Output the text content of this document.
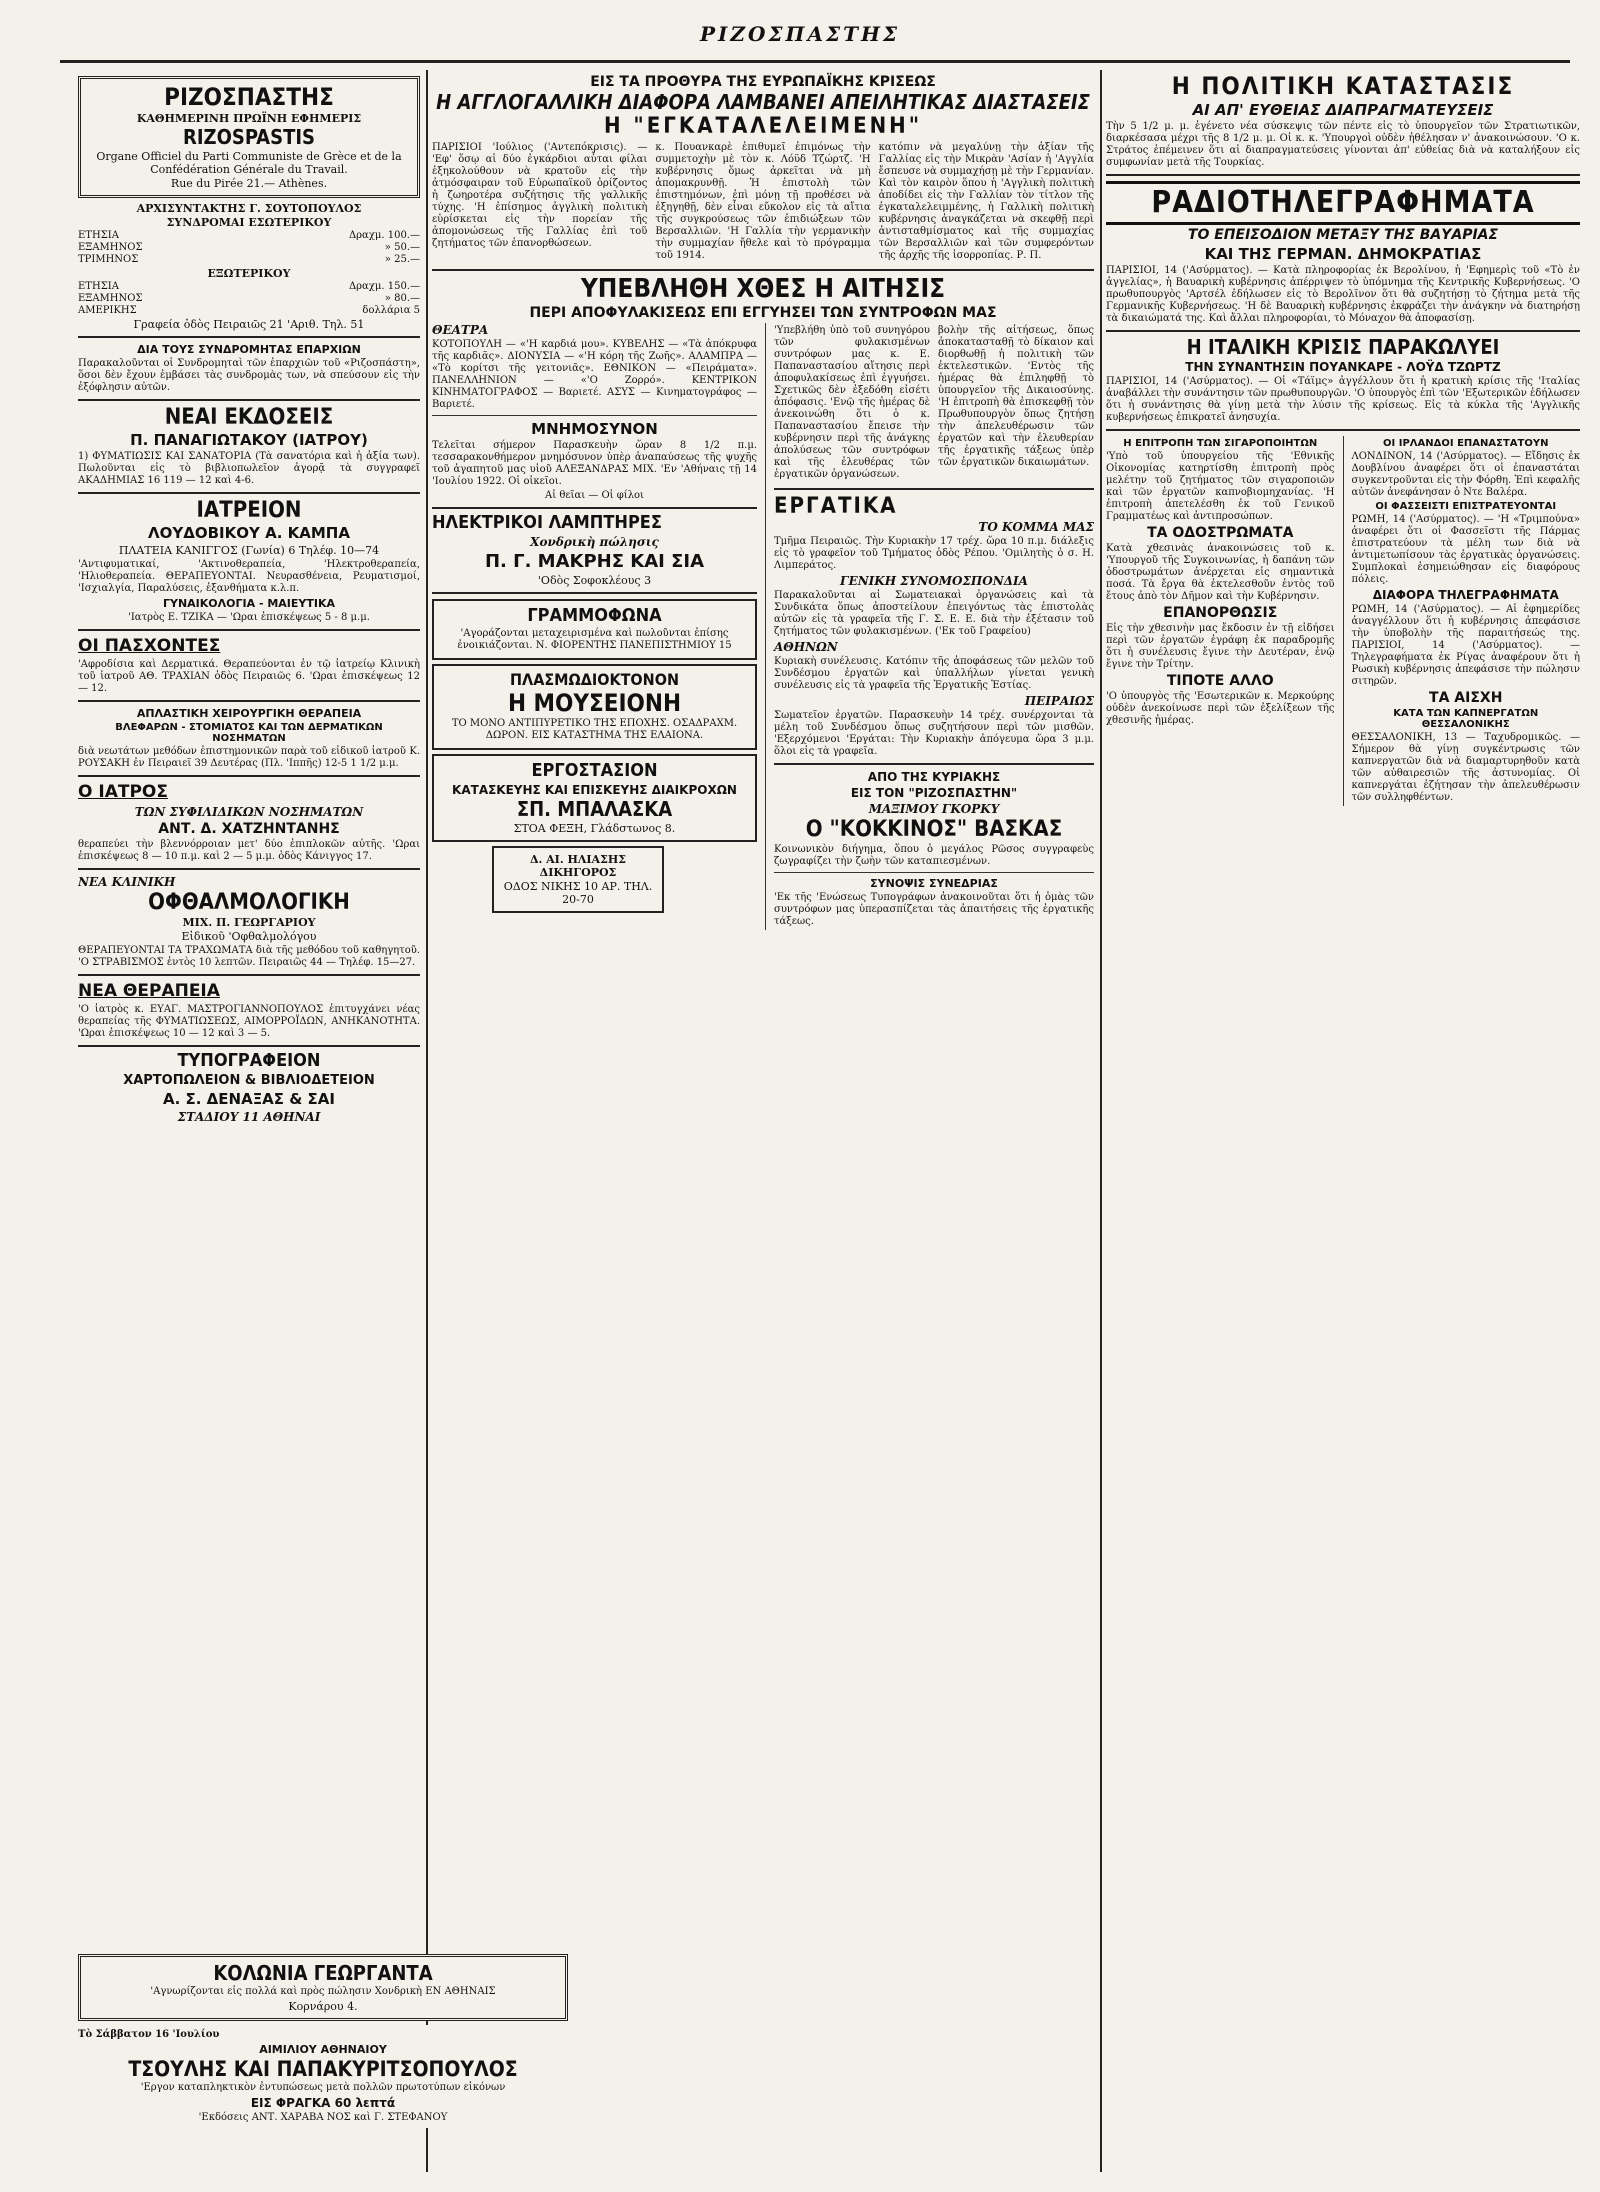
ΡΙΖΟΣΠΑΣΤΗΣ
ΡΙΖΟΣΠΑΣΤΗΣ
ΚΑΘΗΜΕΡΙΝΗ ΠΡΩΪΝΗ ΕΦΗΜΕΡΙΣ
RIZOSPASTIS
Organe Officiel du Parti Communiste de Grèce et de la Confédération Générale du Travail.
Rue du Pirée 21.— Athènes.
ΑΡΧΙΣΥΝΤΑΚΤΗΣ Γ. ΣΟΥΤΟΠΟΥΛΟΣ
ΣΥΝΔΡΟΜΑΙ ΕΣΩΤΕΡΙΚΟΥ
ΕΤΗΣΙΑ	Δραχμ. 100.—
ΕΞΑΜΗΝΟΣ	» 50.—
ΤΡΙΜΗΝΟΣ	» 25.—
ΕΞΩΤΕΡΙΚΟΥ
ΕΤΗΣΙΑ	Δραχμ. 150.—
ΕΞΑΜΗΝΟΣ	» 80.—
ΑΜΕΡΙΚΗΣ	δολλάρια 5
Γραφεία ὁδὸς Πειραιῶς 21 'Αριθ. Τηλ. 51
ΔΙΑ ΤΟΥΣ ΣΥΝΔΡΟΜΗΤΑΣ ΕΠΑΡΧΙΩΝ
Παρακαλοῦνται οἱ Συνδρομηταὶ τῶν ἐπαρχιῶν τοῦ «Ριζοσπάστη», ὅσοι δὲν ἔχουν ἐμβάσει τὰς συνδρομὰς των, νὰ σπεύσουν εἰς τὴν ἐξόφλησιν αὐτῶν.
ΝΕΑΙ ΕΚΔΟΣΕΙΣ
Π. ΠΑΝΑΓΙΩΤΑΚΟΥ (ΙΑΤΡΟΥ)
1) ΦΥΜΑΤΙΩΣΙΣ ΚΑΙ ΣΑΝΑΤΟΡΙΑ (Τὰ σανατόρια καὶ ἡ ἀξία των). Πωλοῦνται εἰς τὸ βιβλιοπωλεῖον ἀγορᾷ τὰ συγγραφεῖ ΑΚΑΔΗΜΙΑΣ 16 119 — 12 καὶ 4-6.
ΙΑΤΡΕΙΟΝ
ΛΟΥΔΟΒΙΚΟΥ Α. ΚΑΜΠΑ
ΠΛΑΤΕΙΑ ΚΑΝΙΓΓΟΣ (Γωνία) 6 Τηλέφ. 10—74
'Αντιφυματικαί, 'Ακτινοθεραπεία, 'Ηλεκτροθεραπεία, 'Ηλιοθεραπεία. ΘΕΡΑΠΕΥΟΝΤΑΙ. Νευρασθένεια, Ρευματισμοί, 'Ισχιαλγία, Παραλύσεις, ἐξανθήματα κ.λ.π.
ΓΥΝΑΙΚΟΛΟΓΙΑ - ΜΑΙΕΥΤΙΚΑ
'Ιατρὸς Ε. ΤΖΙΚΑ — 'Ωραι ἐπισκέψεως 5 - 8 μ.μ.
ΟΙ ΠΑΣΧΟΝΤΕΣ
'Αφροδίσια καὶ Δερματικά. Θεραπεύονται ἐν τῷ ἰατρείῳ Κλινικὴ τοῦ ἰατροῦ ΑΘ. ΤΡΑΧΙΑΝ ὁδὸς Πειραιῶς 6. 'Ωραι ἐπισκέψεως 12 — 12.
ΑΠΛΑΣΤΙΚΗ ΧΕΙΡΟΥΡΓΙΚΗ ΘΕΡΑΠΕΙΑ
ΒΛΕΦΑΡΩΝ - ΣΤΟΜΙΑΤΟΣ ΚΑΙ ΤΩΝ ΔΕΡΜΑΤΙΚΩΝ ΝΟΣΗΜΑΤΩΝ
διὰ νεωτάτων μεθόδων ἐπιστημονικῶν παρὰ τοῦ εἰδικοῦ ἰατροῦ Κ. ΡΟΥΣΑΚΗ ἐν Πειραιεῖ 39 Δευτέρας (Πλ. 'Ιππῆς) 12-5 1 1/2 μ.μ.
Ο ΙΑΤΡΟΣ
ΤΩΝ ΣΥΦΙΛΙΔΙΚΩΝ ΝΟΣΗΜΑΤΩΝ
ΑΝΤ. Δ. ΧΑΤΖΗΝΤΑΝΗΣ
θεραπεύει τὴν βλεννόρροιαν μετ' δύο ἐπιπλοκῶν αὐτῆς. 'Ωραι ἐπισκέψεως 8 — 10 π.μ. καὶ 2 — 5 μ.μ. ὁδὸς Κάνιγγος 17.
ΝΕΑ ΚΛΙΝΙΚΗ
ΟΦΘΑΛΜΟΛΟΓΙΚΗ
ΜΙΧ. Π. ΓΕΩΡΓΑΡΙΟΥ
Εἰδικοῦ 'Οφθαλμολόγου
ΘΕΡΑΠΕΥΟΝΤΑΙ ΤΑ ΤΡΑΧΩΜΑΤΑ διὰ τῆς μεθόδου τοῦ καθηγητοῦ. 'Ο ΣΤΡΑΒΙΣΜΟΣ ἐντὸς 10 λεπτῶν. Πειραιῶς 44 — Τηλέφ. 15—27.
ΝΕΑ ΘΕΡΑΠΕΙΑ
'Ο ἰατρὸς κ. ΕΥΑΓ. ΜΑΣΤΡΟΓΙΑΝΝΟΠΟΥΛΟΣ ἐπιτυγχάνει νέας θεραπείας τῆς ΦΥΜΑΤΙΩΣΕΩΣ, ΑΙΜΟΡΡΟΪΔΩΝ, ΑΝΗΚΑΝΟΤΗΤΑ. 'Ωραι ἐπισκέψεως 10 — 12 καὶ 3 — 5.
ΤΥΠΟΓΡΑΦΕΙΟΝ
ΧΑΡΤΟΠΩΛΕΙΟΝ & ΒΙΒΛΙΟΔΕΤΕΙΟΝ
Α. Σ. ΔΕΝΑΞΑΣ & ΣΑΙ
ΣΤΑΔΙΟΥ 11 ΑΘΗΝΑΙ
ΕΙΣ ΤΑ ΠΡΟΘΥΡΑ ΤΗΣ ΕΥΡΩΠΑΪΚΗΣ ΚΡΙΣΕΩΣ
Η ΑΓΓΛΟΓΑΛΛΙΚΗ ΔΙΑΦΟΡΑ ΛΑΜΒΑΝΕΙ ΑΠΕΙΛΗΤΙΚΑΣ ΔΙΑΣΤΑΣΕΙΣ
Η "ΕΓΚΑΤΑΛΕΛΕΙΜΕΝΗ"
ΠΑΡΙΣΙΟΙ 'Ιούλιος ('Αντεπόκρισις). — 'Εφ' ὅσῳ αἱ δύο ἐγκάρδιοι αὗται φίλαι ἐξηκολούθουν νὰ κρατοῦν εἰς τὴν ἀτμόσφαιραν τοῦ Εὐρωπαϊκοῦ ὁρίζοντος ἡ ζωηροτέρα συζήτησις τῆς γαλλικῆς τύχης. 'Η ἐπίσημος ἀγγλικὴ πολιτικὴ εὑρίσκεται εἰς τὴν πορείαν τῆς ἀπομονώσεως τῆς Γαλλίας ἐπὶ τοῦ ζητήματος τῶν ἐπανορθώσεων.
κ. Πουανκαρὲ ἐπιθυμεῖ ἐπιμόνως τὴν συμμετοχὴν μὲ τὸν κ. Λόϋδ Τζώρτζ. 'Η κυβέρνησις ὅμως ἀρκεῖται νὰ μὴ ἀπομακρυνθῇ. Ἡ ἐπιστολὴ τῶν ἐπιστημόνων, ἐπὶ μόνῃ τῇ προθέσει νὰ ἐξηγηθῇ, δὲν εἶναι εὔκολον εἰς τὰ αἴτια τῆς συγκρούσεως τῶν ἐπιδιώξεων τῶν Βερσαλλιῶν. 'Η Γαλλία τὴν γερμανικὴν τὴν συμμαχίαν ἤθελε καὶ τὸ πρόγραμμα τοῦ 1914.
κατόπιν νὰ μεγαλύνῃ τὴν ἀξίαν τῆς Γαλλίας εἰς τὴν Μικρὰν 'Ασίαν ἡ 'Αγγλία ἔσπευσε νὰ συμμαχήσῃ μὲ τὴν Γερμανίαν. Καὶ τὸν καιρὸν ὅπου ἡ 'Αγγλικὴ πολιτικὴ ἀποδίδει εἰς τὴν Γαλλίαν τὸν τίτλον τῆς ἐγκαταλελειμμένης, ἡ Γαλλικὴ πολιτικὴ κυβέρνησις ἀναγκάζεται νὰ σκεφθῇ περὶ ἀντισταθμίσματος καὶ τῆς συμμαχίας τῶν Βερσαλλιῶν καὶ τῶν συμφερόντων τῆς ἀρχῆς τῆς ἰσορροπίας. Ρ. Π.
ΥΠΕΒΛΗΘΗ ΧΘΕΣ Η ΑΙΤΗΣΙΣ
ΠΕΡΙ ΑΠΟΦΥΛΑΚΙΣΕΩΣ ΕΠΙ ΕΓΓΥΗΣΕΙ ΤΩΝ ΣΥΝΤΡΟΦΩΝ ΜΑΣ
ΘΕΑΤΡΑ
ΚΟΤΟΠΟΥΛΗ — «'Η καρδιά μου». ΚΥΒΕΛΗΣ — «Τὰ ἀπόκρυφα τῆς καρδιᾶς». ΔΙΟΝΥΣΙΑ — «'Η κόρη τῆς Ζωῆς». ΑΛΑΜΠΡΑ — «Τὸ κορίτσι τῆς γειτονιᾶς». ΕΘΝΙΚΟΝ — «Πειράματα». ΠΑΝΕΛΛΗΝΙΟΝ — «'Ο Ζορρό». ΚΕΝΤΡΙΚΟΝ ΚΙΝΗΜΑΤΟΓΡΑΦΟΣ — Βαριετέ. ΑΣΥΣ — Κινηματογράφος — Βαριετέ.
ΜΝΗΜΟΣΥΝΟΝ
Τελεῖται σήμερον Παρασκευὴν ὥραν 8 1/2 π.μ. τεσσαρακονθήμερον μνημόσυνον ὑπὲρ ἀναπαύσεως τῆς ψυχῆς τοῦ ἀγαπητοῦ μας υἱοῦ ΑΛΕΞΑΝΔΡΑΣ ΜΙΧ. 'Εν 'Αθήναις τῇ 14 'Ιουλίου 1922. Οἱ οἰκεῖοι.
Αἱ θεῖαι — Οἱ φίλοι
ΗΛΕΚΤΡΙΚΟΙ ΛΑΜΠΤΗΡΕΣ
Χονδρικὴ πώλησις
Π. Γ. ΜΑΚΡΗΣ ΚΑΙ ΣΙΑ
'Οδὸς Σοφοκλέους 3
ΓΡΑΜΜΟΦΩΝΑ
'Αγοράζονται μεταχειρισμένα καὶ πωλοῦνται ἐπίσης ἐνοικιάζονται. Ν. ΦΙΟΡΕΝΤΗΣ ΠΑΝΕΠΙΣΤΗΜΙΟΥ 15
ΠΛΑΣΜΩΔΙΟΚΤΟΝΟΝ
Η ΜΟΥΣΕΙΟΝΗ
ΤΟ ΜΟΝΟ ΑΝΤΙΠΥΡΕΤΙΚΟ ΤΗΣ ΕΠΟΧΗΣ. ΟΣΑΔΡΑΧΜ. ΔΩΡΟΝ. ΕΙΣ ΚΑΤΑΣΤΗΜΑ ΤΗΣ ΕΛΑΙΟΝΑ.
ΕΡΓΟΣΤΑΣΙΟΝ
ΚΑΤΑΣΚΕΥΗΣ ΚΑΙ ΕΠΙΣΚΕΥΗΣ ΔΙΑΙΚΡΟΧΩΝ
ΣΠ. ΜΠΑΛΑΣΚΑ
ΣΤΟΑ ΦΕΞΗ, Γλάδστωνος 8.
Δ. ΑΙ. ΗΛΙΑΣΗΣ ΔΙΚΗΓΟΡΟΣ
ΟΔΟΣ ΝΙΚΗΣ 10 ΑΡ. ΤΗΛ. 20-70
'Υπεβλήθη ὑπὸ τοῦ συνηγόρου τῶν φυλακισμένων συντρόφων μας κ. Ε. Παπαναστασίου αἴτησις περὶ ἀποφυλακίσεως ἐπὶ ἐγγυήσει. Σχετικῶς δὲν ἐξεδόθη εἰσέτι ἀπόφασις. 'Ενῷ τῆς ἡμέρας δὲ ἀνεκοινώθη ὅτι ὁ κ. Παπαναστασίου ἔπεισε τὴν κυβέρνησιν περὶ τῆς ἀνάγκης ἀπολύσεως τῶν συντρόφων καὶ τῆς ἐλευθέρας τῶν ἐργατικῶν ὀργανώσεων.
βολὴν τῆς αἰτήσεως, ὅπως ἀποκατασταθῇ τὸ δίκαιον καὶ διορθωθῇ ἡ πολιτικὴ τῶν ἐκτελεστικῶν. 'Εντὸς τῆς ἡμέρας θὰ ἐπιληφθῇ τὸ ὑπουργεῖον τῆς Δικαιοσύνης. 'Η ἐπιτροπὴ θὰ ἐπισκεφθῇ τὸν Πρωθυπουργὸν ὅπως ζητήσῃ τὴν ἀπελευθέρωσιν τῶν ἐργατῶν καὶ τὴν ἐλευθερίαν τῆς ἐργατικῆς τάξεως ὑπὲρ τῶν ἐργατικῶν δικαιωμάτων.
ΕΡΓΑΤΙΚΑ
ΤΟ ΚΟΜΜΑ ΜΑΣ
Τμῆμα Πειραιῶς. Τὴν Κυριακὴν 17 τρέχ. ὥρα 10 π.μ. διάλεξις εἰς τὸ γραφεῖον τοῦ Τμήματος ὁδὸς Ρέπου. 'Ομιλητὴς ὁ σ. Η. Λιμπεράτος.
ΓΕΝΙΚΗ ΣΥΝΟΜΟΣΠΟΝΔΙΑ
Παρακαλοῦνται αἱ Σωματειακαὶ ὀργανώσεις καὶ τὰ Συνδικάτα ὅπως ἀποστείλουν ἐπειγόντως τὰς ἐπιστολὰς αὐτῶν εἰς τὰ γραφεῖα τῆς Γ. Σ. Ε. Ε. διὰ τὴν ἐξέτασιν τοῦ ζητήματος τῶν φυλακισμένων. ('Εκ τοῦ Γραφείου)
ΑΘΗΝΩΝ
Κυριακὴ συνέλευσις. Κατόπιν τῆς ἀποφάσεως τῶν μελῶν τοῦ Συνδέσμου ἐργατῶν καὶ ὑπαλλήλων γίνεται γενικὴ συνέλευσις εἰς τὰ γραφεῖα τῆς Ἐργατικῆς Ἑστίας.
ΠΕΙΡΑΙΩΣ
Σωματεῖον ἐργατῶν. Παρασκευὴν 14 τρέχ. συνέρχονται τὰ μέλη τοῦ Συνδέσμου ὅπως συζητήσουν περὶ τῶν μισθῶν. 'Εξερχόμενοι 'Εργάται: Τὴν Κυριακὴν ἀπόγευμα ὥρα 3 μ.μ. ὅλοι εἰς τὰ γραφεῖα.
ΑΠΟ ΤΗΣ ΚΥΡΙΑΚΗΣ
ΕΙΣ ΤΟΝ "ΡΙΖΟΣΠΑΣΤΗΝ"
ΜΑΞΙΜΟΥ ΓΚΟΡΚΥ
Ο "ΚΟΚΚΙΝΟΣ" ΒΑΣΚΑΣ
Κοινωνικὸν διήγημα, ὅπου ὁ μεγάλος Ρῶσος συγγραφεὺς ζωγραφίζει τὴν ζωὴν τῶν καταπιεσμένων.
ΣΥΝΟΨΙΣ ΣΥΝΕΔΡΙΑΣ
'Εκ τῆς 'Ενώσεως Τυπογράφων ἀνακοινοῦται ὅτι ἡ ὁμὰς τῶν συντρόφων μας ὑπερασπίζεται τὰς ἀπαιτήσεις τῆς ἐργατικῆς τάξεως.
Η ΠΟΛΙΤΙΚΗ ΚΑΤΑΣΤΑΣΙΣ
ΑΙ ΑΠ' ΕΥΘΕΙΑΣ ΔΙΑΠΡΑΓΜΑΤΕΥΣΕΙΣ
Τὴν 5 1/2 μ. μ. ἐγένετο νέα σύσκεψις τῶν πέντε εἰς τὸ ὑπουργεῖον τῶν Στρατιωτικῶν, διαρκέσασα μέχρι τῆς 8 1/2 μ. μ. Οἱ κ. κ. 'Υπουργοὶ οὐδὲν ἠθέλησαν ν' ἀνακοινώσουν. 'Ο κ. Στράτος ἐπέμεινεν ὅτι αἱ διαπραγματεύσεις γίνονται ἀπ' εὐθείας διὰ νὰ καταλήξουν εἰς συμφωνίαν μετὰ τῆς Τουρκίας.
ΡΑΔΙΟΤΗΛΕΓΡΑΦΗΜΑΤΑ
ΤΟ ΕΠΕΙΣΟΔΙΟΝ ΜΕΤΑΞΥ ΤΗΣ ΒΑΥΑΡΙΑΣ
ΚΑΙ ΤΗΣ ΓΕΡΜΑΝ. ΔΗΜΟΚΡΑΤΙΑΣ
ΠΑΡΙΣΙΟΙ, 14 ('Ασύρματος). — Κατὰ πληροφορίας ἐκ Βερολίνου, ἡ 'Εφημερὶς τοῦ «Τὸ ἐν ἀγγελίας», ἡ Βαυαρικὴ κυβέρνησις ἀπέρριψεν τὸ ὑπόμνημα τῆς Κεντρικῆς Κυβερνήσεως. 'Ο πρωθυπουργὸς 'Αρτσέλ ἐδήλωσεν εἰς τὸ Βερολῖνον ὅτι θὰ συζητήσῃ τὸ ζήτημα μετὰ τῆς Γερμανικῆς Κυβερνήσεως. 'Η δὲ Βαυαρικὴ κυβέρνησις ἐκφράζει τὴν ἀνάγκην νὰ διατηρήσῃ τὰ δικαιώματά της. Καὶ ἄλλαι πληροφορίαι, τὸ Μόναχον θὰ ἀποφασίσῃ.
Η ΙΤΑΛΙΚΗ ΚΡΙΣΙΣ ΠΑΡΑΚΩΛΥΕΙ
ΤΗΝ ΣΥΝΑΝΤΗΣΙΝ ΠΟΥΑΝΚΑΡΕ - ΛΟΫΔ ΤΖΩΡΤΖ
ΠΑΡΙΣΙΟΙ, 14 ('Ασύρματος). — Οἱ «Τάϊμς» ἀγγέλλουν ὅτι ἡ κρατικὴ κρίσις τῆς 'Ιταλίας ἀναβάλλει τὴν συνάντησιν τῶν πρωθυπουργῶν. 'Ο ὑπουργὸς ἐπὶ τῶν 'Εξωτερικῶν ἐδήλωσεν ὅτι ἡ συνάντησις θὰ γίνῃ μετὰ τὴν λύσιν τῆς κρίσεως. Εἰς τὰ κύκλα τῆς 'Αγγλικῆς κυβερνήσεως ἐπικρατεῖ ἀνησυχία.
Η ΕΠΙΤΡΟΠΗ ΤΩΝ ΣΙΓΑΡΟΠΟΙΗΤΩΝ
'Υπὸ τοῦ ὑπουργείου τῆς 'Εθνικῆς Οἰκονομίας κατηρτίσθη ἐπιτροπὴ πρὸς μελέτην τοῦ ζητήματος τῶν σιγαροποιῶν καὶ τῶν ἐργατῶν καπνοβιομηχανίας. 'Η ἐπιτροπὴ ἀπετελέσθη ἐκ τοῦ Γενικοῦ Γραμματέως καὶ ἀντιπροσώπων.
ΤΑ ΟΔΟΣΤΡΩΜΑΤΑ
Κατὰ χθεσινὰς ἀνακοινώσεις τοῦ κ. 'Υπουργοῦ τῆς Συγκοινωνίας, ἡ δαπάνη τῶν ὁδοστρωμάτων ἀνέρχεται εἰς σημαντικὰ ποσά. Τὰ ἔργα θὰ ἐκτελεσθοῦν ἐντὸς τοῦ ἔτους ἀπὸ τὸν Δῆμον καὶ τὴν Κυβέρνησιν.
ΕΠΑΝΟΡΘΩΣΙΣ
Εἰς τὴν χθεσινὴν μας ἔκδοσιν ἐν τῇ εἰδήσει περὶ τῶν ἐργατῶν ἐγράφη ἐκ παραδρομῆς ὅτι ἡ συνέλευσις ἔγινε τὴν Δευτέραν, ἐνῷ ἔγινε τὴν Τρίτην.
ΤΙΠΟΤΕ ΑΛΛΟ
'Ο ὑπουργὸς τῆς 'Εσωτερικῶν κ. Μερκούρης οὐδὲν ἀνεκοίνωσε περὶ τῶν ἐξελίξεων τῆς χθεσινῆς ἡμέρας.
ΟΙ ΙΡΛΑΝΔΟΙ ΕΠΑΝΑΣΤΑΤΟΥΝ
ΛΟΝΔΙΝΟΝ, 14 ('Ασύρματος). — Εἴδησις ἐκ Δουβλίνου ἀναφέρει ὅτι οἱ ἐπαναστάται συγκεντροῦνται εἰς τὴν Φόρθη. Ἐπὶ κεφαλῆς αὐτῶν ἀνεφάνησαν ὁ Ντε Βαλέρα.
ΟΙ ΦΑΣΣΕΙΣΤΙ ΕΠΙΣΤΡΑΤΕΥΟΝΤΑΙ
ΡΩΜΗ, 14 ('Ασύρματος). — 'Η «Τριμπούνα» ἀναφέρει ὅτι οἱ Φασσεῖστι τῆς Πάρμας ἐπιστρατεύουν τὰ μέλη των διὰ νὰ ἀντιμετωπίσουν τὰς ἐργατικὰς ὀργανώσεις. Συμπλοκαὶ ἐσημειώθησαν εἰς διαφόρους πόλεις.
ΔΙΑΦΟΡΑ ΤΗΛΕΓΡΑΦΗΜΑΤΑ
ΡΩΜΗ, 14 ('Ασύρματος). — Αἱ ἐφημερίδες ἀναγγέλλουν ὅτι ἡ κυβέρνησις ἀπεφάσισε τὴν ὑποβολὴν τῆς παραιτήσεώς της. ΠΑΡΙΣΙΟΙ, 14 ('Ασύρματος). — Τηλεγραφήματα ἐκ Ρίγας ἀναφέρουν ὅτι ἡ Ρωσικὴ κυβέρνησις ἀπεφάσισε τὴν πώλησιν σιτηρῶν.
ΤΑ ΑΙΣΧΗ
ΚΑΤΑ ΤΩΝ ΚΑΠΝΕΡΓΑΤΩΝ ΘΕΣΣΑΛΟΝΙΚΗΣ
ΘΕΣΣΑΛΟΝΙΚΗ, 13 — Ταχυδρομικῶς. — Σήμερον θὰ γίνῃ συγκέντρωσις τῶν καπνεργατῶν διὰ νὰ διαμαρτυρηθοῦν κατὰ τῶν αὐθαιρεσιῶν τῆς ἀστυνομίας. Οἱ καπνεργάται ἐζήτησαν τὴν ἀπελευθέρωσιν τῶν συλληφθέντων.
ΚΟΛΩΝΙΑ ΓΕΩΡΓΑΝΤΑ
'Αγνωρίζονται εἰς πολλά καὶ πρὸς πώλησιν Χονδρικὴ ΕΝ ΑΘΗΝΑΙΣ
Κορνάρου 4.
Τὸ Σάββατον 16 'Ιουλίου
ΑΙΜΙΛΙΟΥ ΑΘΗΝΑΙΟΥ
ΤΣΟΥΛΗΣ ΚΑΙ ΠΑΠΑΚΥΡΙΤΣΟΠΟΥΛΟΣ
'Εργον καταπληκτικὸν ἐντυπώσεως μετὰ πολλῶν πρωτοτύπων εἰκόνων
ΕΙΣ ΦΡΑΓΚΑ 60 λεπτά
'Εκδόσεις ΑΝΤ. ΧΑΡΑΒΑ ΝΟΣ καὶ Γ. ΣΤΕΦΑΝΟΥ
